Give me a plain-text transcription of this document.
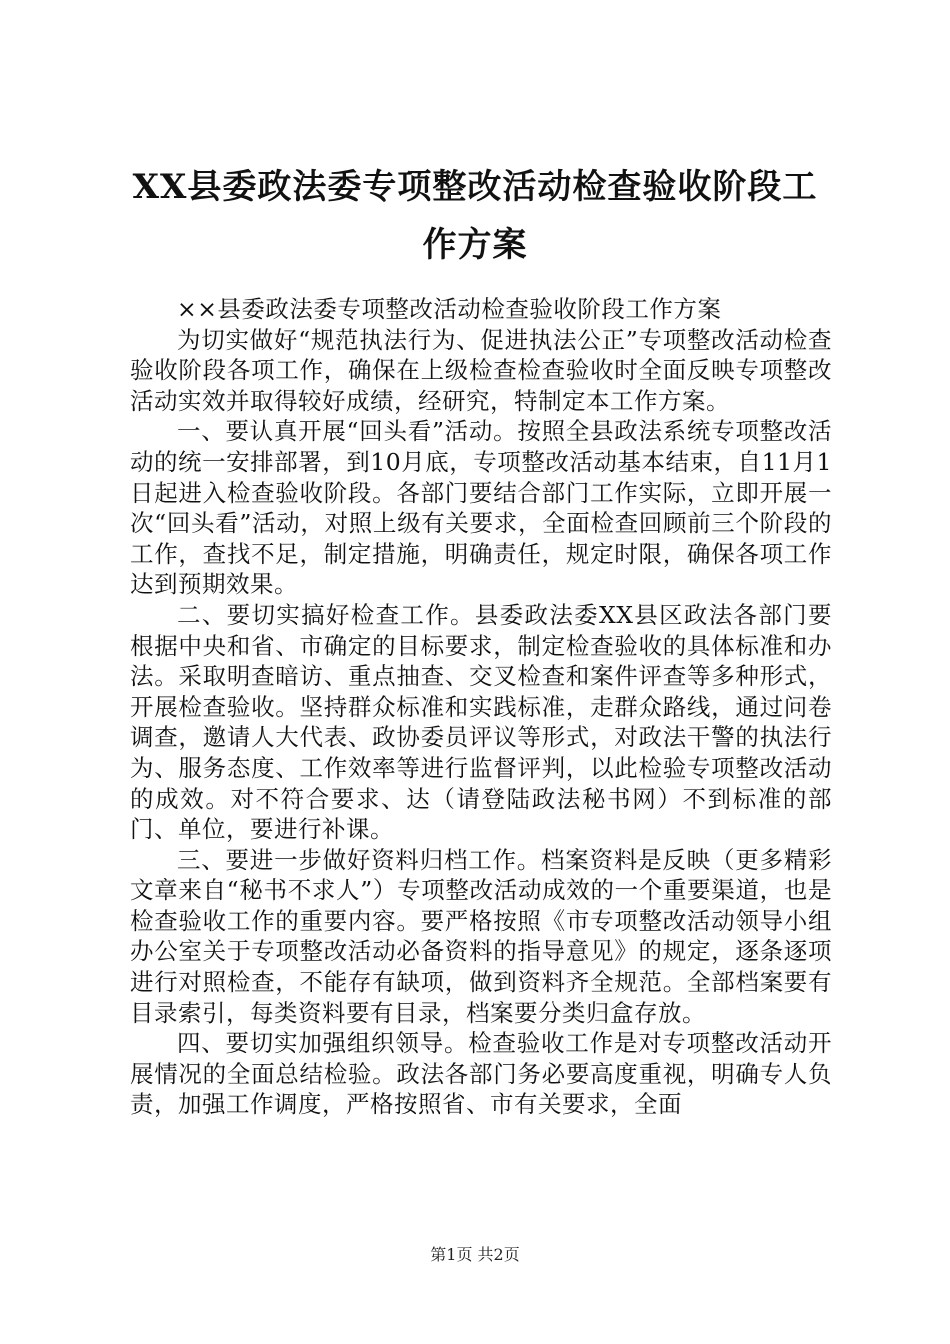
XX县委政法委专项整改活动检查验收阶段工作方案

××县委政法委专项整改活动检查验收阶段工作方案

为切实做好“规范执法行为、促进执法公正”专项整改活动检查验收阶段各项工作，确保在上级检查检查验收时全面反映专项整改活动实效并取得较好成绩，经研究，特制定本工作方案。

一、要认真开展“回头看”活动。按照全县政法系统专项整改活动的统一安排部署，到10月底，专项整改活动基本结束，自11月1日起进入检查验收阶段。各部门要结合部门工作实际，立即开展一次“回头看”活动，对照上级有关要求，全面检查回顾前三个阶段的工作，查找不足，制定措施，明确责任，规定时限，确保各项工作达到预期效果。

二、要切实搞好检查工作。县委政法委XX县区政法各部门要根据中央和省、市确定的目标要求，制定检查验收的具体标准和办法。采取明查暗访、重点抽查、交叉检查和案件评查等多种形式，开展检查验收。坚持群众标准和实践标准，走群众路线，通过问卷调查，邀请人大代表、政协委员评议等形式，对政法干警的执法行为、服务态度、工作效率等进行监督评判，以此检验专项整改活动的成效。对不符合要求、达（请登陆政法秘书网）不到标准的部门、单位，要进行补课。

三、要进一步做好资料归档工作。档案资料是反映（更多精彩文章来自“秘书不求人”）专项整改活动成效的一个重要渠道，也是检查验收工作的重要内容。要严格按照《市专项整改活动领导小组办公室关于专项整改活动必备资料的指导意见》的规定，逐条逐项进行对照检查，不能存有缺项，做到资料齐全规范。全部档案要有目录索引，每类资料要有目录，档案要分类归盒存放。

四、要切实加强组织领导。检查验收工作是对专项整改活动开展情况的全面总结检验。政法各部门务必要高度重视，明确专人负责，加强工作调度，严格按照省、市有关要求，全面

第1页 共2页
